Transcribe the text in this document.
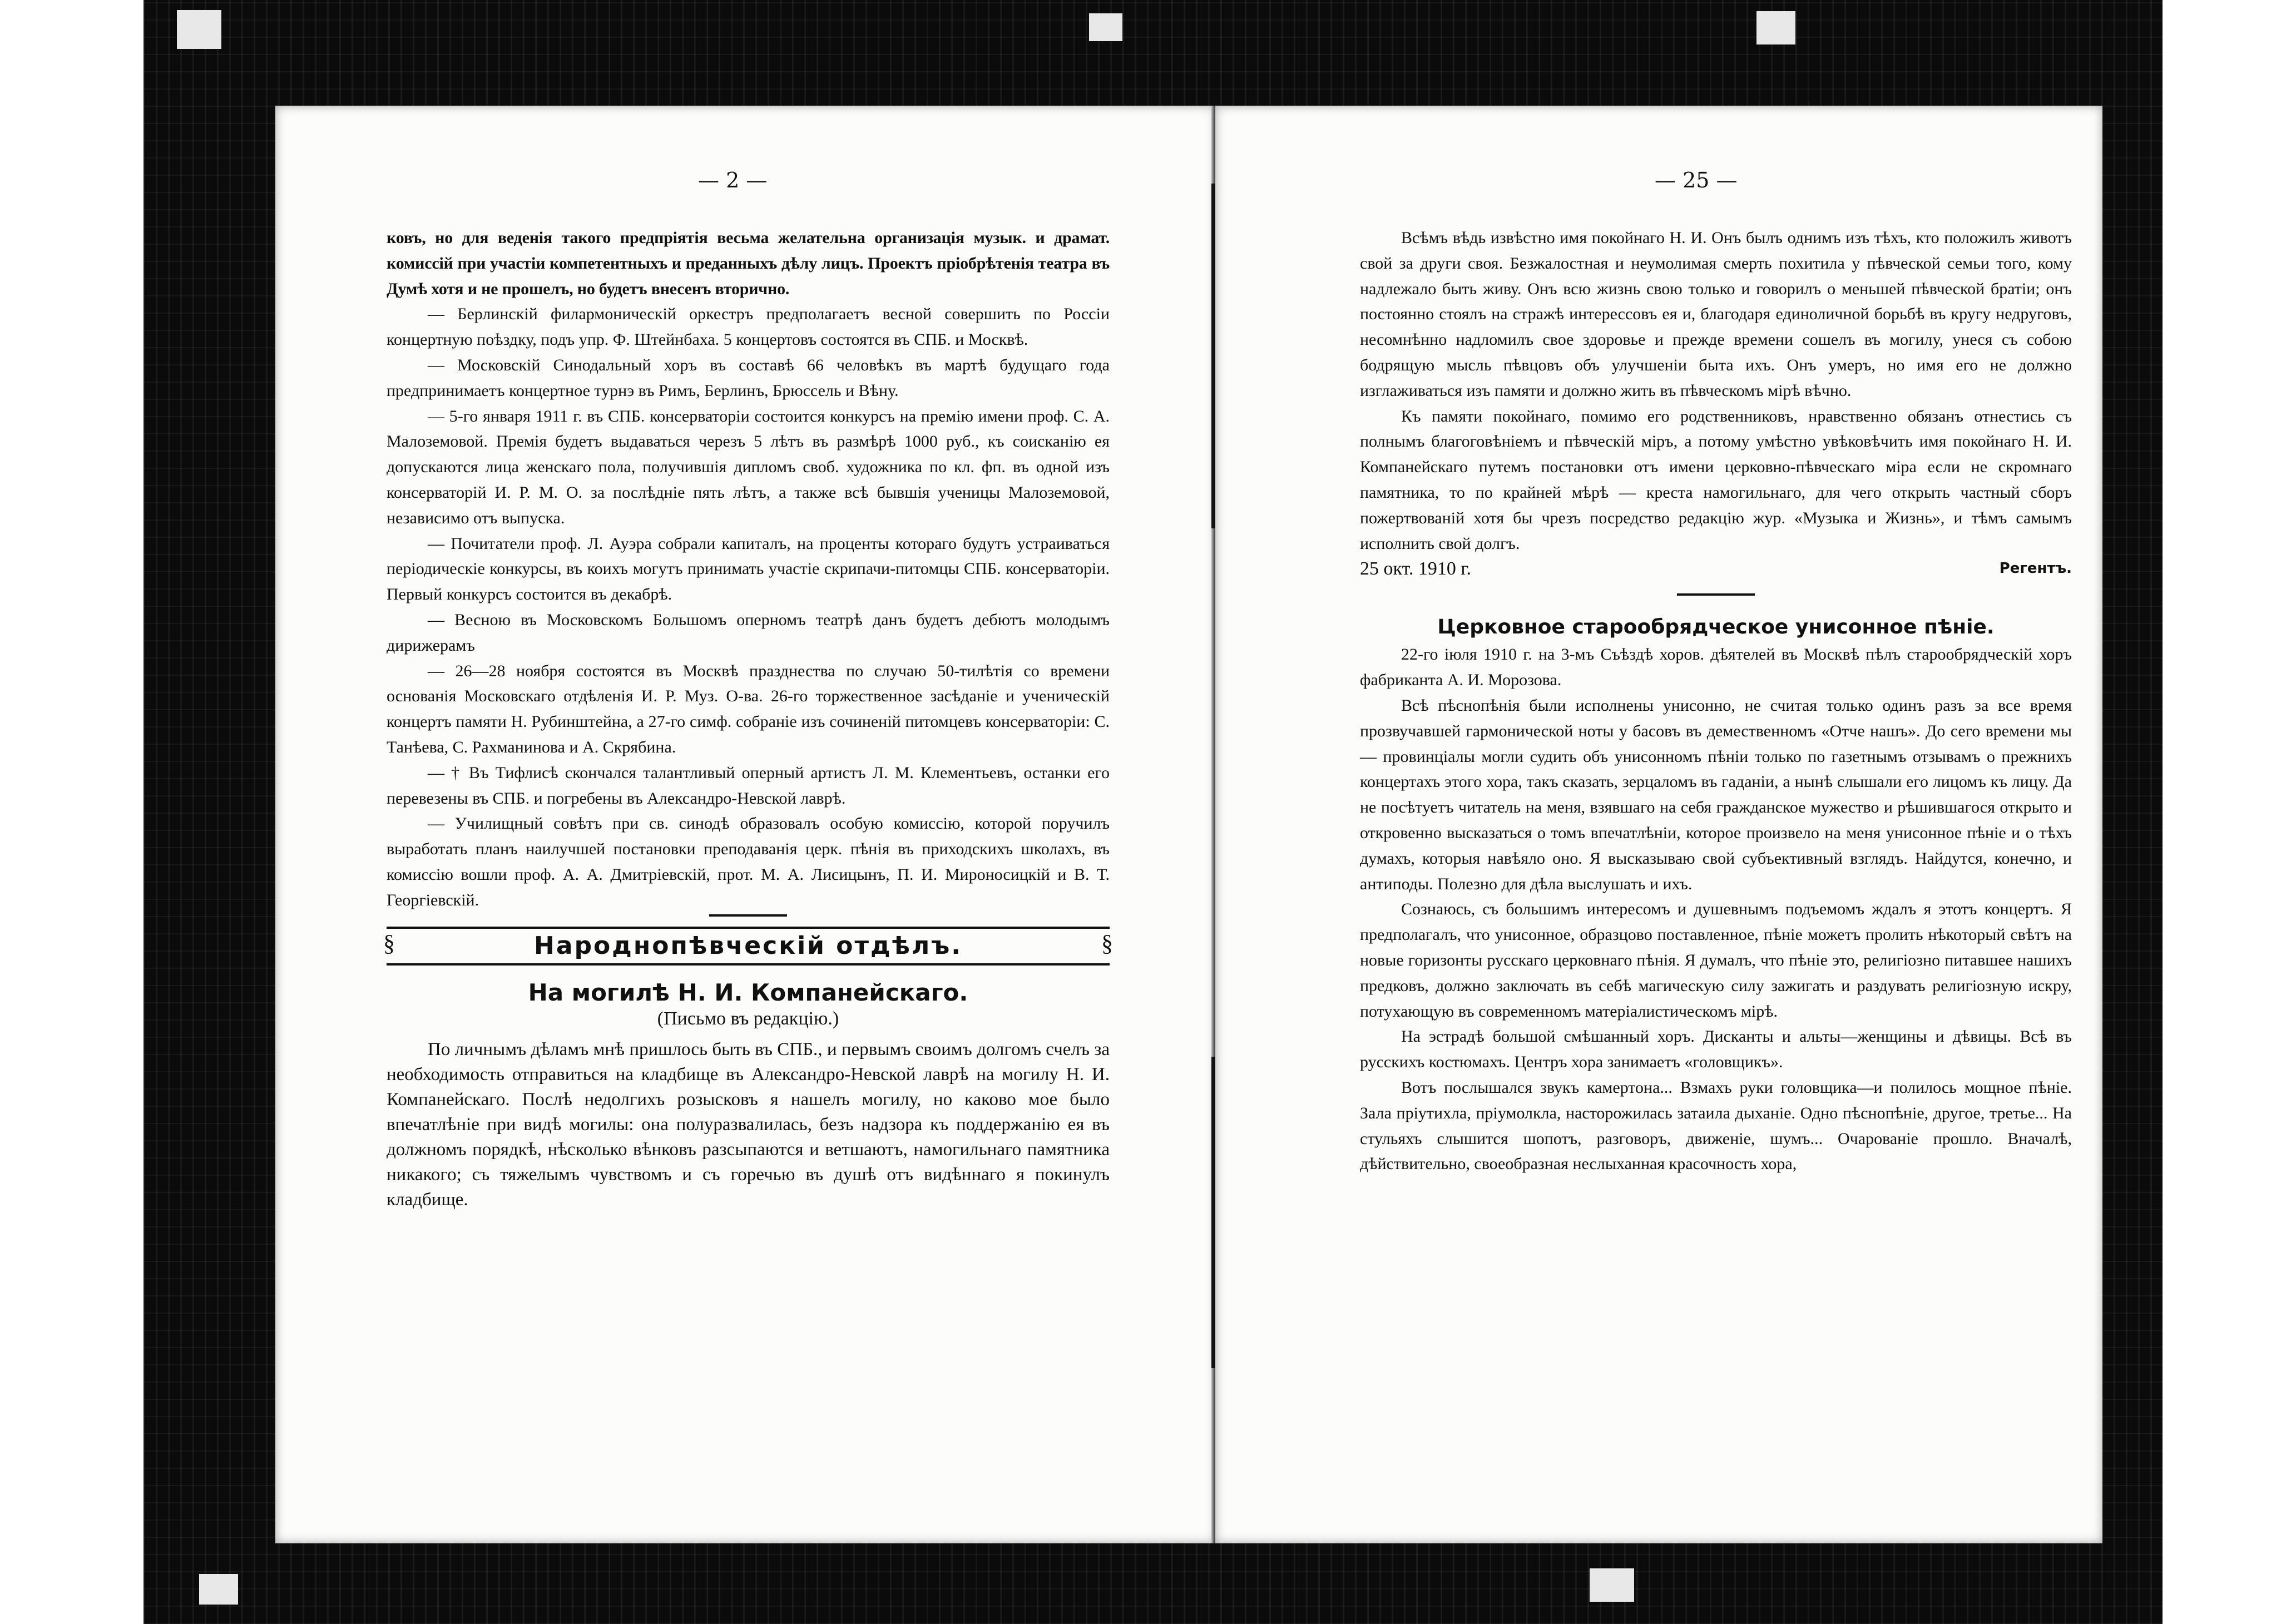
— 2 —

ковъ, но для веденія такого предпріятія весьма желательна организація музык. и драмат. комиссій при участіи компетентныхъ и преданныхъ дѣлу лицъ. Проектъ пріобрѣтенія театра въ Думѣ хотя и не прошелъ, но будетъ внесенъ вторично.

— Берлинскій филармоническій оркестръ предполагаетъ весной совершить по Россіи концертную поѣздку, подъ упр. Ф. Штейнбаха. 5 концертовъ состоятся въ СПБ. и Москвѣ.

— Московскій Синодальный хоръ въ составѣ 66 человѣкъ въ мартѣ будущаго года предпринимаетъ концертное турнэ въ Римъ, Берлинъ, Брюссель и Вѣну.

— 5-го января 1911 г. въ СПБ. консерваторіи состоится конкурсъ на премію имени проф. С. А. Малоземовой. Премія будетъ выдаваться черезъ 5 лѣтъ въ размѣрѣ 1000 руб., къ соисканію ея допускаются лица женскаго пола, получившія дипломъ своб. художника по кл. фп. въ одной изъ консерваторій И. Р. М. О. за послѣдніе пять лѣтъ, а также всѣ бывшія ученицы Малоземовой, независимо отъ выпуска.

— Почитатели проф. Л. Ауэра собрали капиталъ, на проценты котораго будутъ устраиваться періодическіе конкурсы, въ коихъ могутъ принимать участіе скрипачи-питомцы СПБ. консерваторіи. Первый конкурсъ состоится въ декабрѣ.

— Весною въ Московскомъ Большомъ оперномъ театрѣ данъ будетъ дебютъ молодымъ дирижерамъ

— 26—28 ноября состоятся въ Москвѣ празднества по случаю 50-тилѣтія со времени основанія Московскаго отдѣленія И. Р. Муз. О-ва. 26-го торжественное засѣданіе и ученическій концертъ памяти Н. Рубинштейна, а 27-го симф. собраніе изъ сочиненій питомцевъ консерваторіи: С. Танѣева, С. Рахманинова и А. Скрябина.

— † Въ Тифлисѣ скончался талантливый оперный артистъ Л. М. Клементьевъ, останки его перевезены въ СПБ. и погребены въ Александро-Невской лаврѣ.

— Училищный совѣтъ при св. синодѣ образовалъ особую комиссію, которой поручилъ выработать планъ наилучшей постановки преподаванія церк. пѣнія въ приходскихъ школахъ, въ комиссію вошли проф. А. А. Дмитріевскій, прот. М. А. Лисицынъ, П. И. Мироносицкій и В. Т. Георгіевскій.

§	Народнопѣвческій отдѣлъ.	§
На могилѣ Н. И. Компанейскаго.
(Письмо въ редакцію.)

По личнымъ дѣламъ мнѣ пришлось быть въ СПБ., и первымъ своимъ долгомъ счелъ за необходимость отправиться на кладбище въ Александро-Невской лаврѣ на могилу Н. И. Компанейскаго. Послѣ недолгихъ розысковъ я нашелъ могилу, но каково мое было впечатлѣніе при видѣ могилы: она полуразвалилась, безъ надзора къ поддержанію ея въ должномъ порядкѣ, нѣсколько вѣнковъ разсыпаются и ветшаютъ, намогильнаго памятника никакого; съ тяжелымъ чувствомъ и съ горечью въ душѣ отъ видѣннаго я покинулъ кладбище.

— 25 —

Всѣмъ вѣдь извѣстно имя покойнаго Н. И. Онъ былъ однимъ изъ тѣхъ, кто положилъ животъ свой за други своя. Безжалостная и неумолимая смерть похитила у пѣвческой семьи того, кому надлежало быть живу. Онъ всю жизнь свою только и говорилъ о меньшей пѣвческой братіи; онъ постоянно стоялъ на стражѣ интерессовъ ея и, благодаря единоличной борьбѣ въ кругу недруговъ, несомнѣнно надломилъ свое здоровье и прежде времени сошелъ въ могилу, унеся съ собою бодрящую мысль пѣвцовъ объ улучшеніи быта ихъ. Онъ умеръ, но имя его не должно изглаживаться изъ памяти и должно жить въ пѣвческомъ мірѣ вѣчно.

Къ памяти покойнаго, помимо его родственниковъ, нравственно обязанъ отнестись съ полнымъ благоговѣніемъ и пѣвческій міръ, а потому умѣстно увѣковѣчить имя покойнаго Н. И. Компанейскаго путемъ постановки отъ имени церковно-пѣвческаго міра если не скромнаго памятника, то по крайней мѣрѣ — креста намогильнаго, для чего открыть частный сборъ пожертвованій хотя бы чрезъ посредство редакцію жур. «Музыка и Жизнь», и тѣмъ самымъ исполнить свой долгъ.

25 окт. 1910 г.	Регентъ.
Церковное старообрядческое унисонное пѣніе.

22-го іюля 1910 г. на 3-мъ Съѣздѣ хоров. дѣятелей въ Москвѣ пѣлъ старообрядческій хоръ фабриканта А. И. Морозова.

Всѣ пѣснопѣнія были исполнены унисонно, не считая только одинъ разъ за все время прозвучавшей гармонической ноты у басовъ въ демественномъ «Отче нашъ». До сего времени мы — провинціалы могли судить объ унисонномъ пѣніи только по газетнымъ отзывамъ о прежнихъ концертахъ этого хора, такъ сказать, зерцаломъ въ гаданіи, а нынѣ слышали его лицомъ къ лицу. Да не посѣтуетъ читатель на меня, взявшаго на себя гражданское мужество и рѣшившагося открыто и откровенно высказаться о томъ впечатлѣніи, которое произвело на меня унисонное пѣніе и о тѣхъ думахъ, которыя навѣяло оно. Я высказываю свой субъективный взглядъ. Найдутся, конечно, и антиподы. Полезно для дѣла выслушать и ихъ.

Сознаюсь, съ большимъ интересомъ и душевнымъ подъемомъ ждалъ я этотъ концертъ. Я предполагалъ, что унисонное, образцово поставленное, пѣніе можетъ пролить нѣкоторый свѣтъ на новые горизонты русскаго церковнаго пѣнія. Я думалъ, что пѣніе это, религіозно питавшее нашихъ предковъ, должно заключать въ себѣ магическую силу зажигать и раздувать религіозную искру, потухающую въ современномъ матеріалистическомъ мірѣ.

На эстрадѣ большой смѣшанный хоръ. Дисканты и альты—женщины и дѣвицы. Всѣ въ русскихъ костюмахъ. Центръ хора занимаетъ «головщикъ».

Вотъ послышался звукъ камертона... Взмахъ руки головщика—и полилось мощное пѣніе. Зала пріутихла, пріумолкла, насторожилась затаила дыханіе. Одно пѣснопѣніе, другое, третье... На стульяхъ слышится шопотъ, разговоръ, движеніе, шумъ... Очарованіе прошло. Вначалѣ, дѣйствительно, своеобразная неслыханная красочность хора,
